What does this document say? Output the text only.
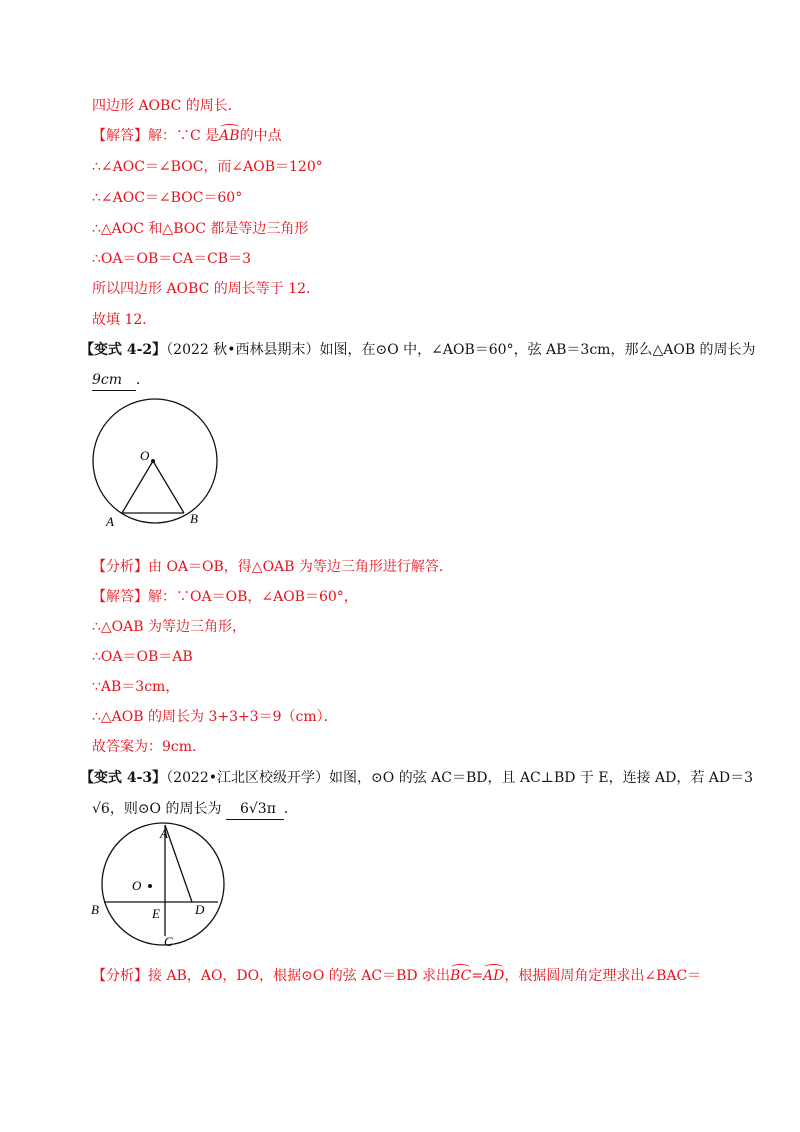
四边形 AOBC 的周长．
【解答】解：∵C 是AB的中点
∴∠AOC＝∠BOC，而∠AOB＝120°
∴∠AOC＝∠BOC＝60°
∴△AOC 和△BOC 都是等边三角形
∴OA＝OB＝CA＝CB＝3
所以四边形 AOBC 的周长等于 12．
故填 12．
【变式 4-2】（2022 秋•西林县期末）如图，在⊙O 中，∠AOB＝60°，弦 AB＝3cm，那么△AOB 的周长为
9cm ．
O
A	B
【分析】由 OA＝OB，得△OAB 为等边三角形进行解答．
【解答】解：∵OA＝OB，∠AOB＝60°，
∴△OAB 为等边三角形，
∴OA＝OB＝AB
∵AB＝3cm，
∴△AOB 的周长为 3+3+3＝9（cm）．
故答案为：9cm．
【变式 4-3】（2022•江北区校级开学）如图，⊙O 的弦 AC＝BD，且 AC⊥BD 于 E，连接 AD，若 AD＝3
√6，则⊙O 的周长为 6√3π ．
O
A
B	D
E
C
【分析】接 AB，AO，DO，根据⊙O 的弦 AC＝BD 求出BC=AD，根据圆周角定理求出∠BAC＝
